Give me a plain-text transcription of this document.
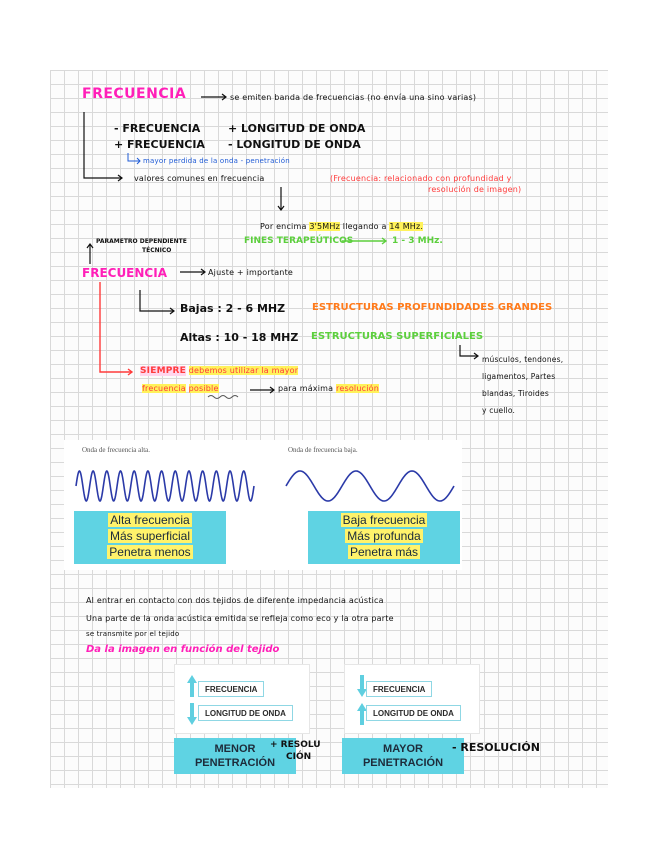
FRECUENCIA	se emiten banda de frecuencias (no envía una sino varias)
- FRECUENCIA	+ LONGITUD DE ONDA
+ FRECUENCIA - LONGITUD DE ONDA
mayor perdida de la onda - penetración
valores comunes en frecuencia	(Frecuencia: relacionado con profundidad y
resolución de imagen)
Por encima 3'5MHz llegando a 14 MHz.
FINES TERAPEÚTICOS	1 - 3 MHz.
PARAMETRO DEPENDIENTE
TÉCNICO
FRECUENCIA	Ajuste + importante
Bajas : 2 - 6 MHZ	ESTRUCTURAS PROFUNDIDADES GRANDES
Altas : 10 - 18 MHZ ESTRUCTURAS SUPERFICIALES
músculos, tendones,
ligamentos, Partes
blandas, Tiroides
y cuello.
SIEMPRE debemos utilizar la mayor
frecuencia posible	para máxima resolución
Onda de frecuencia alta.	Onda de frecuencia baja.
Alta frecuencia
Más superficial
Penetra menos
Baja frecuencia
Más profunda
Penetra más
Al entrar en contacto con dos tejidos de diferente impedancia acústica
Una parte de la onda acústica emitida se refleja como eco y la otra parte
se transmite por el tejido
Da la imagen en función del tejido
FRECUENCIA
LONGITUD DE ONDA
FRECUENCIA
LONGITUD DE ONDA
MENOR
PENETRACIÓN
MAYOR
PENETRACIÓN
+ RESOLU
CIÓN
- RESOLUCIÓN
